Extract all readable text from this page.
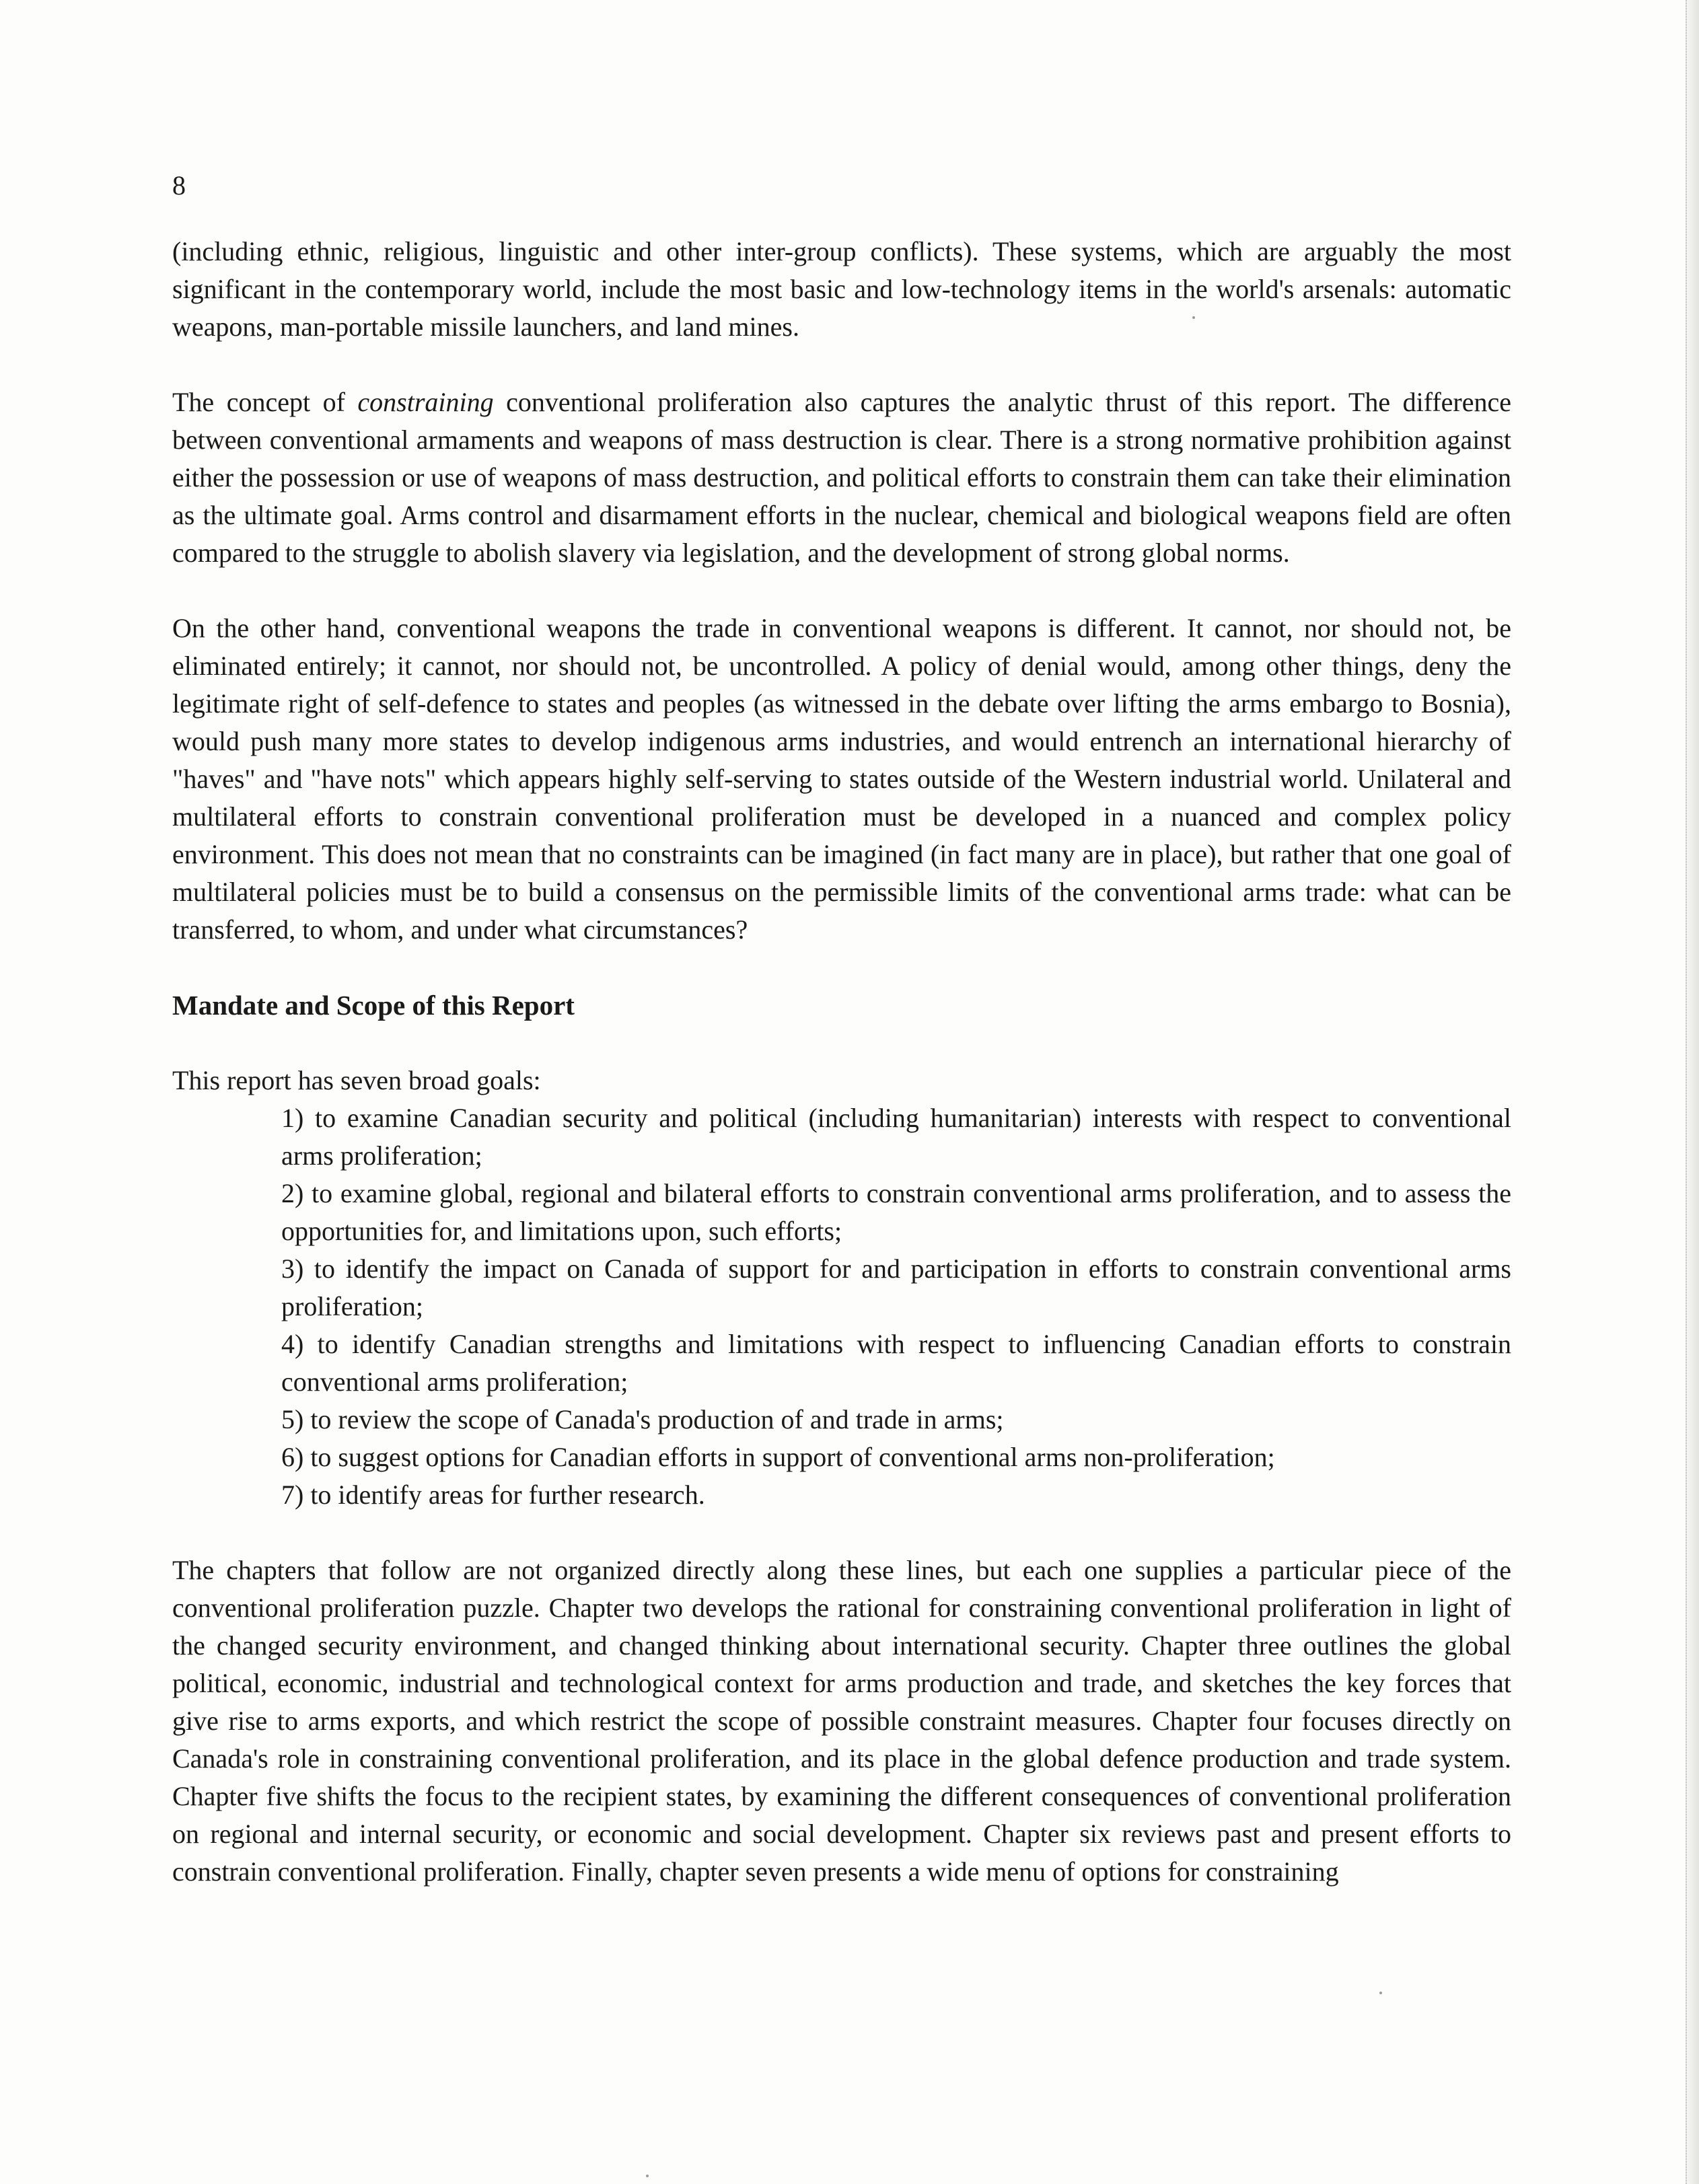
8

(including ethnic, religious, linguistic and other inter-group conflicts). These systems, which are arguably the most significant in the contemporary world, include the most basic and low-technology items in the world's arsenals: automatic weapons, man-portable missile launchers, and land mines.

The concept of constraining conventional proliferation also captures the analytic thrust of this report. The difference between conventional armaments and weapons of mass destruction is clear. There is a strong normative prohibition against either the possession or use of weapons of mass destruction, and political efforts to constrain them can take their elimination as the ultimate goal. Arms control and disarmament efforts in the nuclear, chemical and biological weapons field are often compared to the struggle to abolish slavery via legislation, and the development of strong global norms.

On the other hand, conventional weapons the trade in conventional weapons is different. It cannot, nor should not, be eliminated entirely; it cannot, nor should not, be uncontrolled. A policy of denial would, among other things, deny the legitimate right of self-defence to states and peoples (as witnessed in the debate over lifting the arms embargo to Bosnia), would push many more states to develop indigenous arms industries, and would entrench an international hierarchy of "haves" and "have nots" which appears highly self-serving to states outside of the Western industrial world. Unilateral and multilateral efforts to constrain conventional proliferation must be developed in a nuanced and complex policy environment. This does not mean that no constraints can be imagined (in fact many are in place), but rather that one goal of multilateral policies must be to build a consensus on the permissible limits of the conventional arms trade: what can be transferred, to whom, and under what circumstances?

Mandate and Scope of this Report

This report has seven broad goals:

1) to examine Canadian security and political (including humanitarian) interests with respect to conventional arms proliferation;
2) to examine global, regional and bilateral efforts to constrain conventional arms proliferation, and to assess the opportunities for, and limitations upon, such efforts;
3) to identify the impact on Canada of support for and participation in efforts to constrain conventional arms proliferation;
4) to identify Canadian strengths and limitations with respect to influencing Canadian efforts to constrain conventional arms proliferation;
5) to review the scope of Canada's production of and trade in arms;
6) to suggest options for Canadian efforts in support of conventional arms non-proliferation;
7) to identify areas for further research.

The chapters that follow are not organized directly along these lines, but each one supplies a particular piece of the conventional proliferation puzzle. Chapter two develops the rational for constraining conventional proliferation in light of the changed security environment, and changed thinking about international security. Chapter three outlines the global political, economic, industrial and technological context for arms production and trade, and sketches the key forces that give rise to arms exports, and which restrict the scope of possible constraint measures. Chapter four focuses directly on Canada's role in constraining conventional proliferation, and its place in the global defence production and trade system. Chapter five shifts the focus to the recipient states, by examining the different consequences of conventional proliferation on regional and internal security, or economic and social development. Chapter six reviews past and present efforts to constrain conventional proliferation. Finally, chapter seven presents a wide menu of options for constraining
